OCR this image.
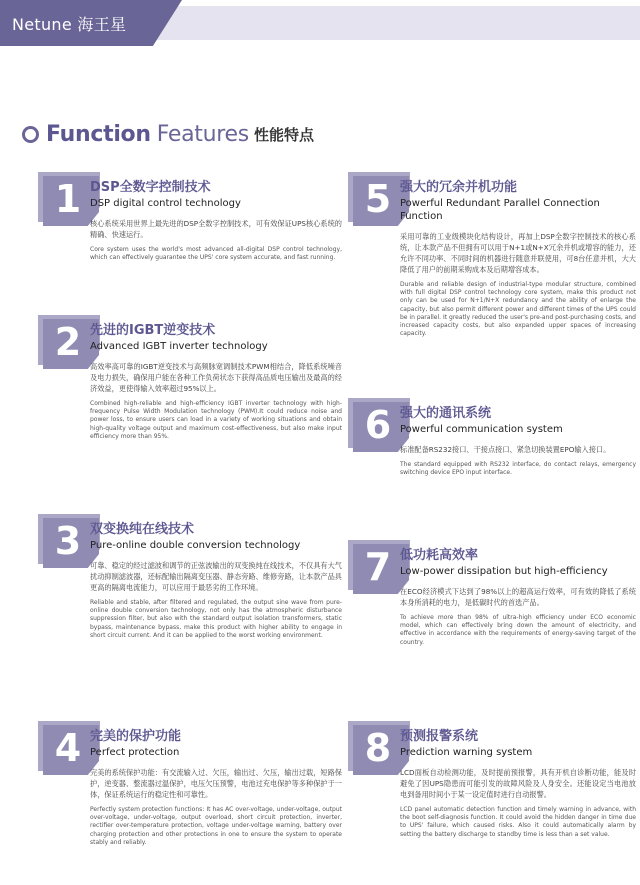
Netune 海王星
Function Features 性能特点
1 DSP全数字控制技术
DSP digital control technology
核心系统采用世界上最先进的DSP全数字控制技术，可有效保证UPS核心系统的精确、快速运行。
Core system uses the world's most advanced all-digital DSP control technology, which can effectively guarantee the UPS' core system accurate, and fast running.
2 先进的IGBT逆变技术
Advanced IGBT inverter technology
高效率高可靠的IGBT逆变技术与高频脉宽调制技术PWM相结合，降低系统噪音及电力损失，确保用户能在各种工作负荷状态下获得高品质电压输出及最高的经济效益，更使得输入效率超过95%以上。
Combined high-reliable and high-efficiency IGBT inverter technology with high-frequency Pulse Width Modulation technology (PWM).It could reduce noise and power loss, to ensure users can load in a variety of working situations and obtain high-quality voltage output and maximum cost-effectiveness, but also make input efficiency more than 95%.
3 双变换纯在线技术
Pure-online double conversion technology
可靠、稳定的经过滤波和调节的正弦波输出的双变换纯在线技术，不仅具有大气扰动抑制滤波器，还标配输出隔离变压器、静态旁路、维修旁路，让本款产品具更高的隔离电流能力，可以应用于最恶劣的工作环境。
Reliable and stable, after filtered and regulated, the output sine wave from pure-online double conversion technology, not only has the atmospheric disturbance suppression filter, but also with the standard output isolation transformers, static bypass, maintenance bypass, make this product with higher ability to engage in short circuit current. And it can be applied to the worst working environment.
4 完美的保护功能
Perfect protection
完美的系统保护功能：有交流输入过、欠压，输出过、欠压，输出过载，短路保护，逆变器、整流器过温保护，电压欠压预警，电池过充电保护等多种保护于一体，保证系统运行的稳定性和可靠性。
Perfectly system protection functions: It has AC over-voltage, under-voltage, output over-voltage, under-voltage, output overload, short circuit protection, inverter, rectifier over-temperature protection, voltage under-voltage warning, battery over charging protection and other protections in one to ensure the system to operate stably and reliably.
5 强大的冗余并机功能
Powerful Redundant Parallel Connection Function
采用可靠的工业级模块化结构设计，再加上DSP全数字控制技术的核心系统，让本款产品不但拥有可以用于N+1或N+X冗余并机或增容的能力，还允许不同功率、不同时间的机器进行随意并联使用，可8台任意并机，大大降低了用户的前期采购成本及后期增容成本。
Durable and reliable design of industrial-type modular structure, combined with full digital DSP control technology core system, make this product not only can be used for N+1/N+X redundancy and the ability of enlarge the capacity, but also permit different power and different times of the UPS could be in parallel. It greatly reduced the user's pre-and post-purchasing costs, and increased capacity costs, but also expanded upper spaces of increasing capacity.
6 强大的通讯系统
Powerful communication system
标准配备RS232接口、干接点接口、紧急切换装置EPO输入接口。
The standard equipped with RS232 interface, do contact relays, emergency switching device EPO input interface.
7 低功耗高效率
Low-power dissipation but high-efficiency
在ECO经济模式下达到了98%以上的超高运行效率，可有效的降低了系统本身所消耗的电力，是低碳时代的首选产品。
To achieve more than 98% of ultra-high efficiency under ECO economic model, which can effectively bring down the amount of electricity, and effective in accordance with the requirements of energy-saving target of the country.
8 预测报警系统
Prediction warning system
LCD面板自动检测功能，及时提前预报警，具有开机自诊断功能，能及时避免了因UPS隐患而可能引发的故障风险及人身安全。还能设定当电池放电到备用时间小于某一设定值时进行自动报警。
LCD panel automatic detection function and timely warning in advance, with the boot self-diagnosis function. It could avoid the hidden danger in time due to UPS' failure, which caused risks. Also it could automatically alarm by setting the battery discharge to standby time is less than a set value.
